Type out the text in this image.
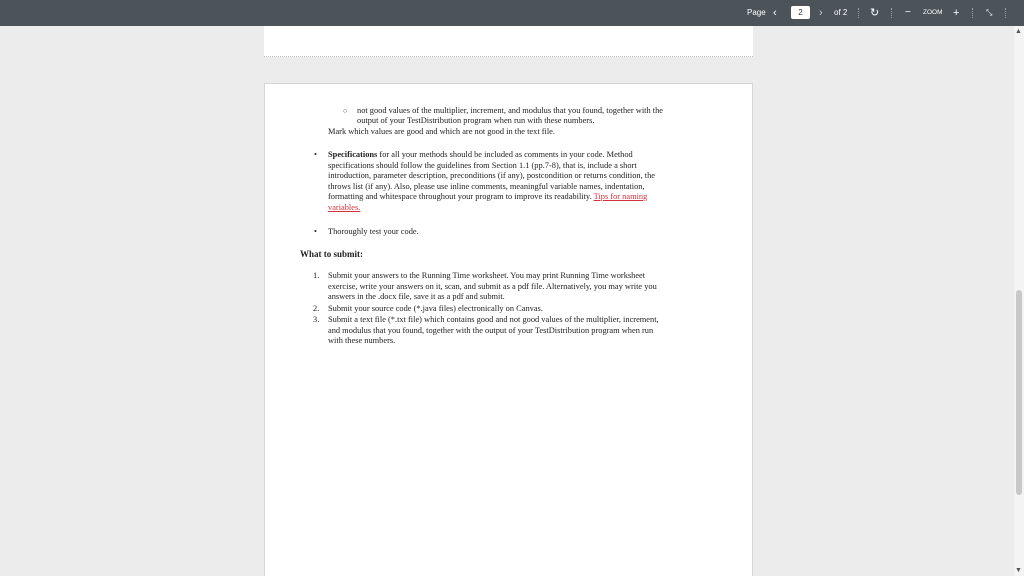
Page ‹	2	› of 2 ↻	− ZOOM +	⤡
○ not good values of the multiplier, increment, and modulus that you found, together with the
output of your TestDistribution program when run with these numbers.
Mark which values are good and which are not good in the text file.
• Specifications for all your methods should be included as comments in your code. Method
specifications should follow the guidelines from Section 1.1 (pp.7-8), that is, include a short
introduction, parameter description, preconditions (if any), postcondition or returns condition, the
throws list (if any). Also, please use inline comments, meaningful variable names, indentation,
formatting and whitespace throughout your program to improve its readability. Tips for naming
variables.
• Thoroughly test your code.
What to submit:
1. Submit your answers to the Running Time worksheet. You may print Running Time worksheet
exercise, write your answers on it, scan, and submit as a pdf file. Alternatively, you may write you
answers in the .docx file, save it as a pdf and submit.
2. Submit your source code (*.java files) electronically on Canvas.
3. Submit a text file (*.txt file) which contains good and not good values of the multiplier, increment,
and modulus that you found, together with the output of your TestDistribution program when run
with these numbers.
▲
▼
